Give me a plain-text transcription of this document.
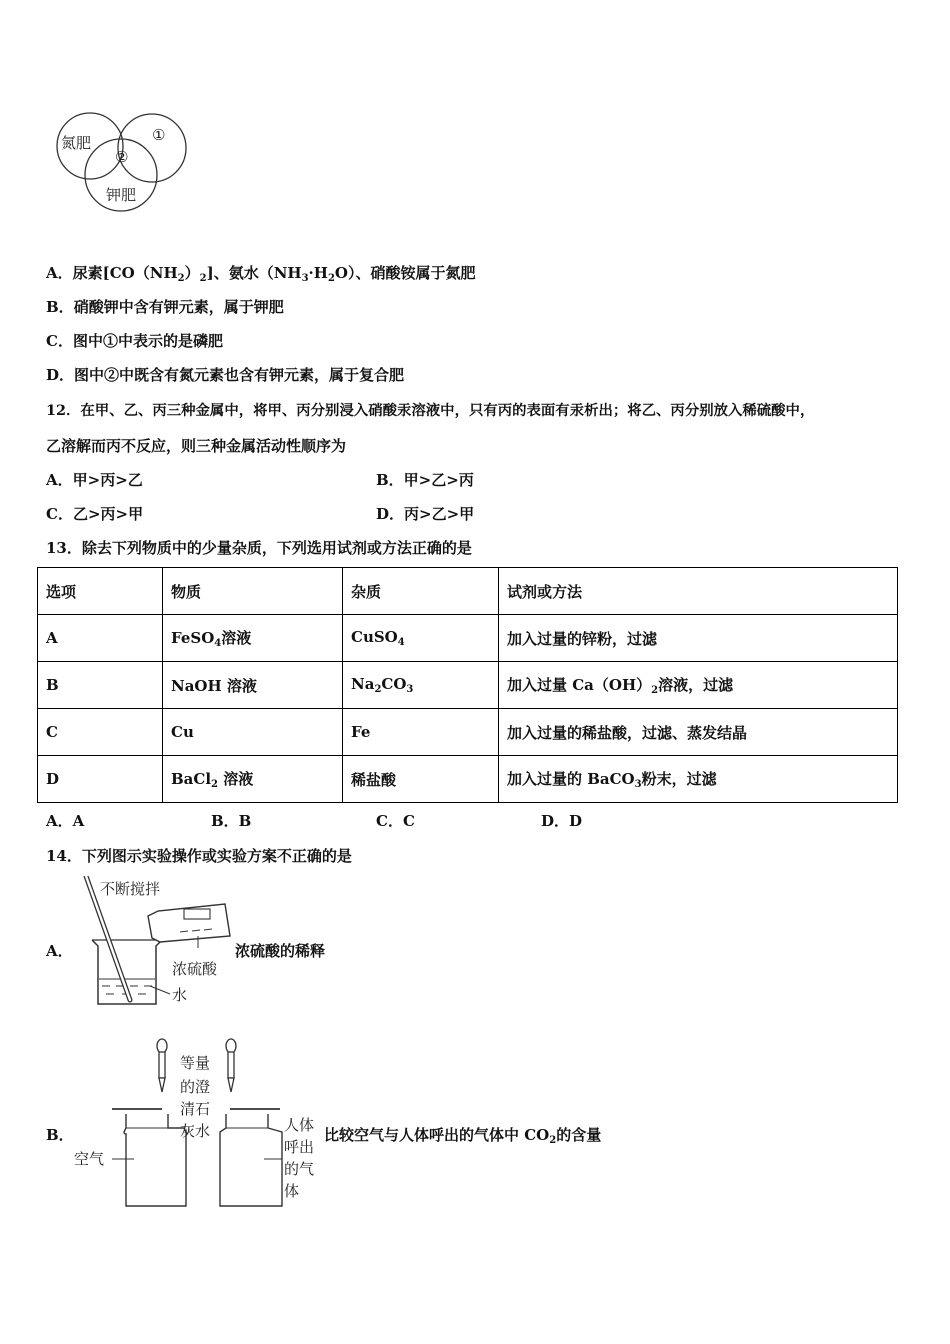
氮肥	①
②
钾肥
A．尿素$[CO(NH_2)_2]$、氨水$(NH_3\cdot H_2O)$、硝酸铵属于氮肥
B．硝酸钾中含有钾元素，属于钾肥
C．图中①中表示的是磷肥
D．图中②中既含有氮元素也含有钾元素，属于复合肥
12．在甲、乙、丙三种金属中，将甲、丙分别浸入硝酸汞溶液中，只有丙的表面有汞析出；将乙、丙分别放入稀硫酸中，
乙溶解而丙不反应，则三种金属活动性顺序为
A．甲>丙>乙	B．甲>乙>丙
C．乙>丙>甲	D．丙>乙>甲
13．除去下列物质中的少量杂质，下列选用试剂或方法正确的是
选项	物质	杂质	试剂或方法
A	FeSO$_4$溶液	CuSO$_4$	加入过量的锌粉，过滤
B	NaOH 溶液	$Na_2CO_3$	加入过量 $Ca(OH)_2$溶液，过滤
C	Cu	Fe	加入过量的稀盐酸，过滤、蒸发结晶
D	BaCl$_2$ 溶液	稀盐酸	加入过量的 BaCO$_3$粉末，过滤
A．A	B．B	C．C	D．D
14．下列图示实验操作或实验方案不正确的是
A．
不断搅拌
浓硫酸
水
浓硫酸的稀释
B．
空气
等量
的澄
清石
灰水	人体
呼出
的气
体
比较空气与人体呼出的气体中 $CO_2$的含量
